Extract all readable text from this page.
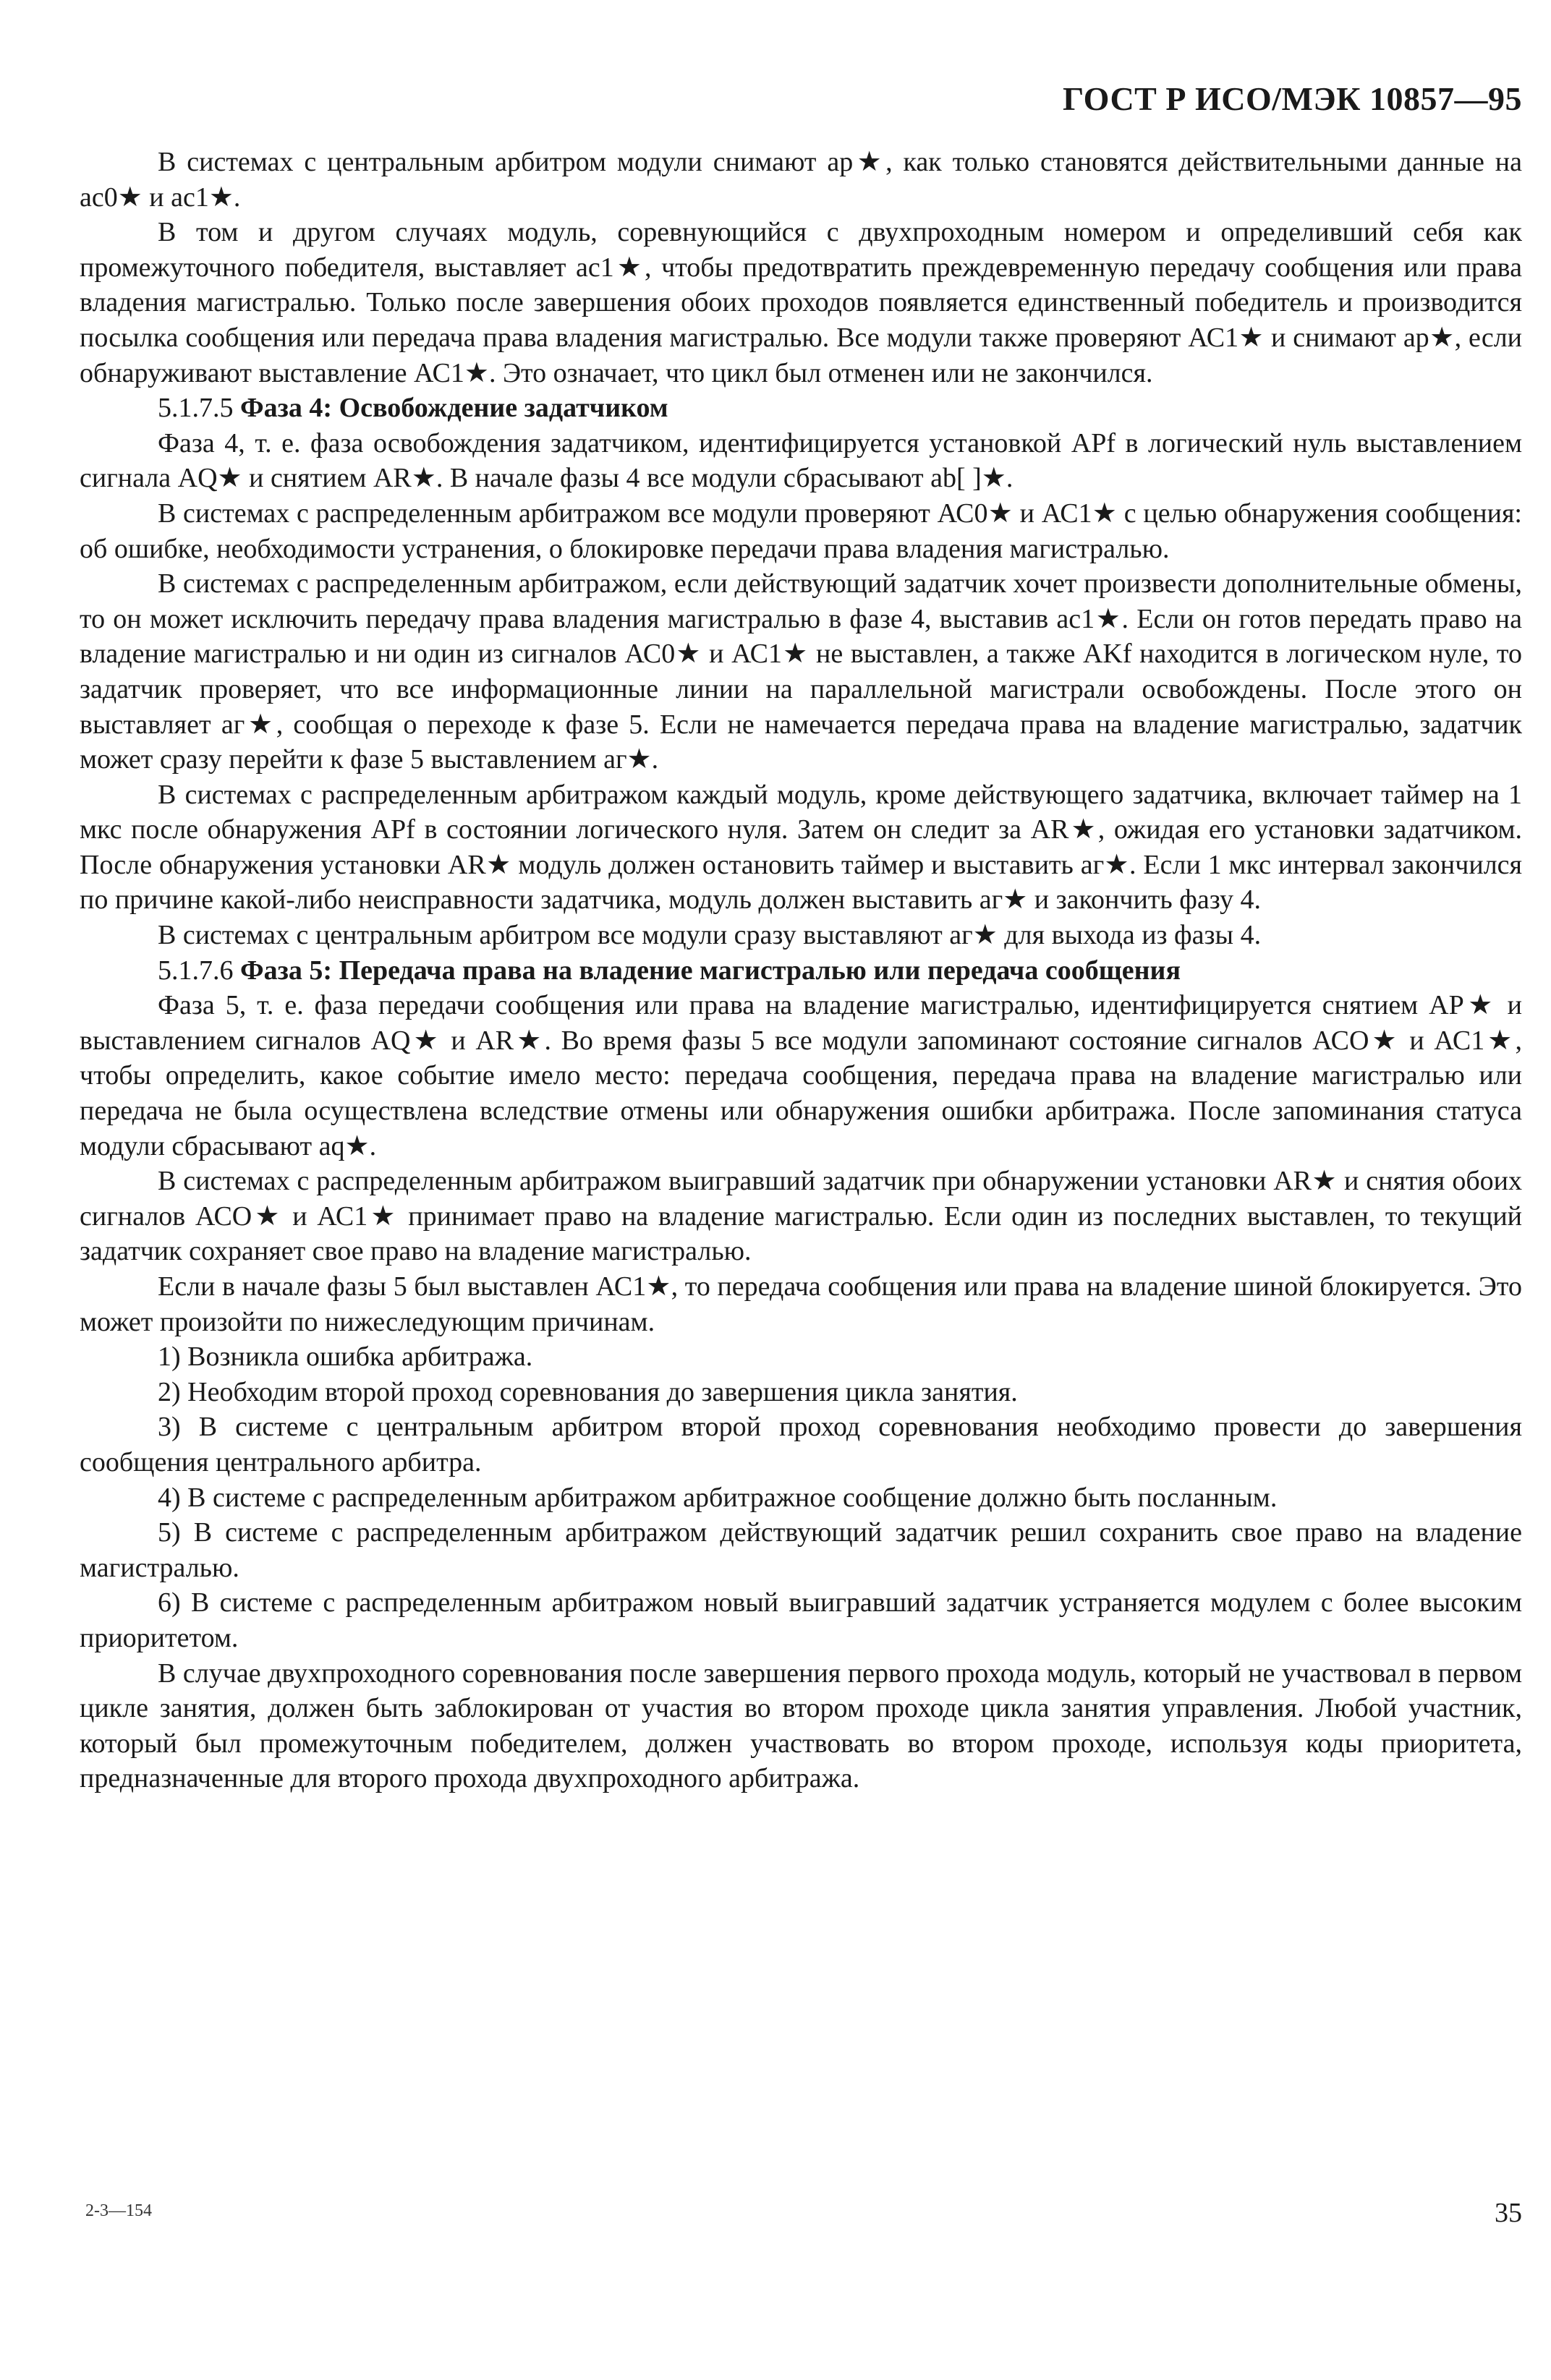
ГОСТ Р ИСО/МЭК 10857—95

В системах с центральным арбитром модули снимают ар★, как только становятся действительными данные на ас0★ и ас1★.

В том и другом случаях модуль, соревнующийся с двухпроходным номером и определивший себя как промежуточного победителя, выставляет ас1★, чтобы предотвратить преждевременную передачу сообщения или права владения магистралью. Только после завершения обоих проходов появляется единственный победитель и производится посылка сообщения или передача права владения магистралью. Все модули также проверяют АС1★ и снимают ар★, если обнаруживают выставление АС1★. Это означает, что цикл был отменен или не закончился.

5.1.7.5 Фаза 4: Освобождение задатчиком

Фаза 4, т. е. фаза освобождения задатчиком, идентифицируется установкой APf в логический нуль выставлением сигнала AQ★ и снятием AR★. В начале фазы 4 все модули сбрасывают ab[ ]★.

В системах с распределенным арбитражом все модули проверяют АС0★ и АС1★ с целью обнаружения сообщения: об ошибке, необходимости устранения, о блокировке передачи права владения магистралью.

В системах с распределенным арбитражом, если действующий задатчик хочет произвести дополнительные обмены, то он может исключить передачу права владения магистралью в фазе 4, выставив ас1★. Если он готов передать право на владение магистралью и ни один из сигналов АС0★ и АС1★ не выставлен, а также AKf находится в логическом нуле, то задатчик проверяет, что все информационные линии на параллельной магистрали освобождены. После этого он выставляет аг★, сообщая о переходе к фазе 5. Если не намечается передача права на владение магистралью, задатчик может сразу перейти к фазе 5 выставлением аг★.

В системах с распределенным арбитражом каждый модуль, кроме действующего задатчика, включает таймер на 1 мкс после обнаружения APf в состоянии логического нуля. Затем он следит за AR★, ожидая его установки задатчиком. После обнаружения установки AR★ модуль должен остановить таймер и выставить аг★. Если 1 мкс интервал закончился по причине какой-либо неисправности задатчика, модуль должен выставить аг★ и закончить фазу 4.

В системах с центральным арбитром все модули сразу выставляют аг★ для выхода из фазы 4.

5.1.7.6 Фаза 5: Передача права на владение магистралью или передача сообщения

Фаза 5, т. е. фаза передачи сообщения или права на владение магистралью, идентифицируется снятием AP★ и выставлением сигналов AQ★ и AR★. Во время фазы 5 все модули запоминают состояние сигналов АСО★ и АС1★, чтобы определить, какое событие имело место: передача сообщения, передача права на владение магистралью или передача не была осуществлена вследствие отмены или обнаружения ошибки арбитража. После запоминания статуса модули сбрасывают aq★.

В системах с распределенным арбитражом выигравший задатчик при обнаружении установки AR★ и снятия обоих сигналов АСО★ и АС1★ принимает право на владение магистралью. Если один из последних выставлен, то текущий задатчик сохраняет свое право на владение магистралью.

Если в начале фазы 5 был выставлен АС1★, то передача сообщения или права на владение шиной блокируется. Это может произойти по нижеследующим причинам.

1) Возникла ошибка арбитража.

2) Необходим второй проход соревнования до завершения цикла занятия.

3) В системе с центральным арбитром второй проход соревнования необходимо провести до завершения сообщения центрального арбитра.

4) В системе с распределенным арбитражом арбитражное сообщение должно быть посланным.

5) В системе с распределенным арбитражом действующий задатчик решил сохранить свое право на владение магистралью.

6) В системе с распределенным арбитражом новый выигравший задатчик устраняется модулем с более высоким приоритетом.

В случае двухпроходного соревнования после завершения первого прохода модуль, который не участвовал в первом цикле занятия, должен быть заблокирован от участия во втором проходе цикла занятия управления. Любой участник, который был промежуточным победителем, должен участвовать во втором проходе, используя коды приоритета, предназначенные для второго прохода двухпроходного арбитража.

2-3—154	35
